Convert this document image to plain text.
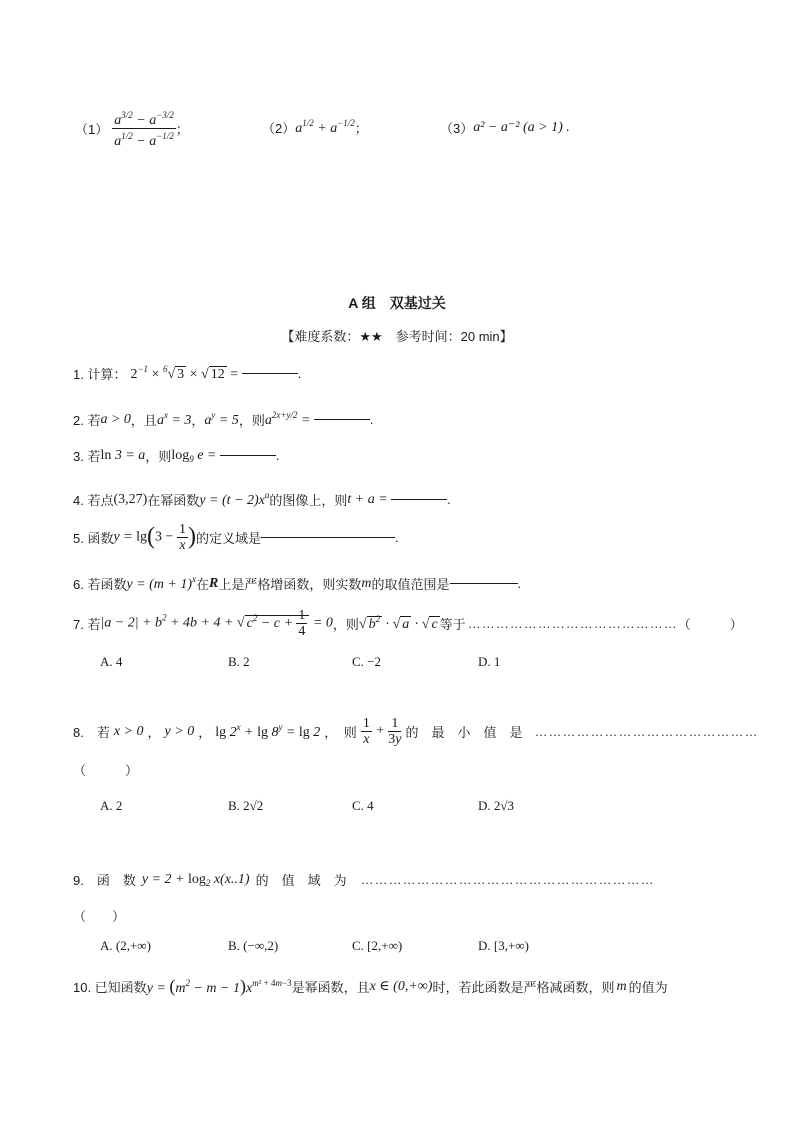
$(1) \frac{a^{3/2} - a^{-3/2}}{a^{1/2} - a^{-1/2}}$ ；	（2） $a^{1/2} + a^{-1/2}$ ；	（3） a² − a⁻² (a > 1) .
A 组　双基过关
【难度系数：★★　参考时间：20 min】
1. 计算： $2^{-1} \times ^6√$ 3 × √ 12 =	.
2. 若 a > 0 ，且 $a^x = 3$ ， $a^y = 5$ ，则 $a^{2x+y/2}$ =	.
3. 若 ln 3 = a ，则 $\log_9 e$ =	.
4. 若点 (3,27) 在幂函数 $y = (t - 2)x^a$ 的图像上，则 t + a =	.
5. 函数 $y = \lg(3 - \frac{1}{x}$ ) 的定义域是	.
6. 若函数 $y = (m + 1)^x$ 在 R 上是严格增函数，则实数 m 的取值范围是	.
7. 若 $|a - 2| + b^2 + 4b + 4$ + √ $c^2 - c + \frac{1}{4} = 0$ ，则 √ $b^2$ · √ a · √ c 等于 ……………………………………… （　　　）
A. 4	B. 2	C. −2	D. 1
8.　若 x > 0 ， y > 0 ， $\lg 2^x + \lg 8^y = \lg 2$ ，　则 $\frac{1}{x} + \frac{1}{3y}$ 的　最　小　值　是 …………………………………………
（　　　）
A. 2	B. 2√2	C. 4	D. 2√3
9.　函　数 $y = 2 + \log_2 x(x..1)$ 的　值　域　为 ………………………………………………………
（　　）
A. (2,+∞)	B. (−∞,2)	C. [2,+∞)	D. [3,+∞)
10. 已知函数 $y = (m^2 - m - 1)x^{m^2 + 4m-3}$ 是幂函数，且 x ∈ (0,+∞) 时，若此函数是严格减函数，则 m 的值为
